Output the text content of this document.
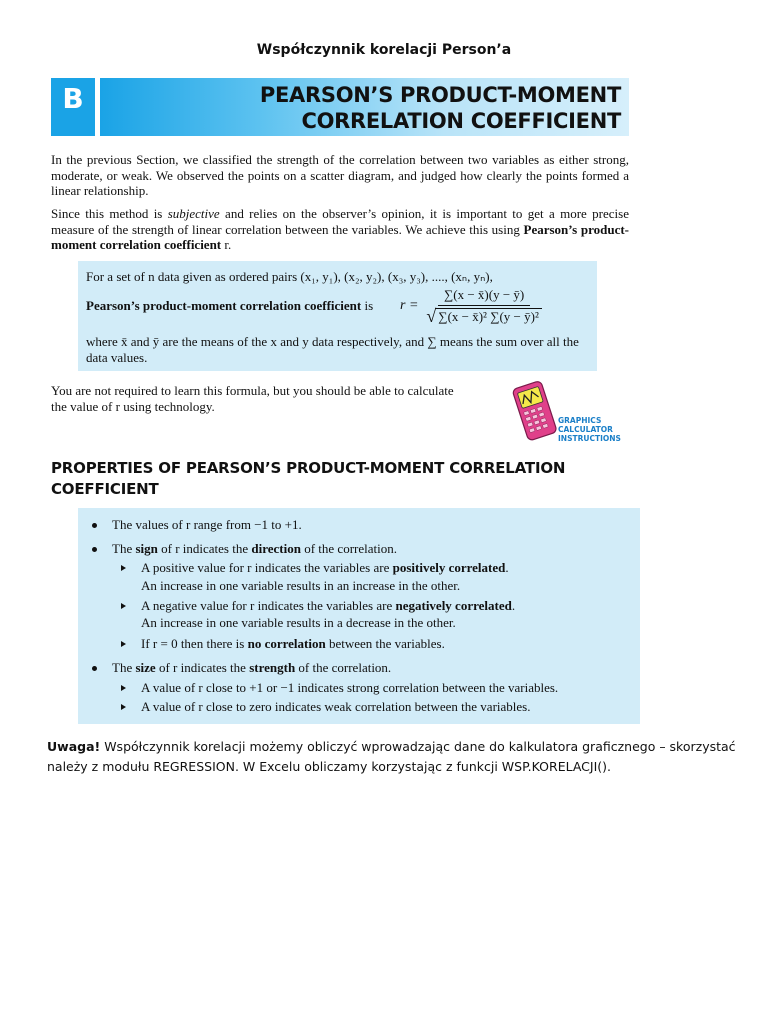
Współczynnik korelacji Person’a
B	PEARSON’S PRODUCT-MOMENT
CORRELATION COEFFICIENT
In the previous Section, we classified the strength of the correlation between two variables as either strong, moderate, or weak. We observed the points on a scatter diagram, and judged how clearly the points formed a linear relationship.
Since this method is subjective and relies on the observer’s opinion, it is important to get a more precise measure of the strength of linear correlation between the variables. We achieve this using Pearson’s product-moment correlation coefficient r.
For a set of n data given as ordered pairs (x₁, y₁), (x₂, y₂), (x₃, y₃), ...., (xₙ, yₙ),
Pearson’s product-moment correlation coefficient is $r = \frac{\sum(x - x̄)(y - ȳ)}{\text{√ ∑(x − x̄)² ∑(y − ȳ)²}}$
where x̄ and ȳ are the means of the x and y data respectively, and ∑ means the sum over all the data values.
You are not required to learn this formula, but you should be able to calculate
the value of r using technology.
GRAPHICS
CALCULATOR
INSTRUCTIONS
PROPERTIES OF PEARSON’S PRODUCT-MOMENT CORRELATION
COEFFICIENT
The values of r range from −1 to +1.
The sign of r indicates the direction of the correlation.
A positive value for r indicates the variables are positively correlated.
An increase in one variable results in an increase in the other.
A negative value for r indicates the variables are negatively correlated.
An increase in one variable results in a decrease in the other.
If r = 0 then there is no correlation between the variables.
The size of r indicates the strength of the correlation.
A value of r close to +1 or −1 indicates strong correlation between the variables.
A value of r close to zero indicates weak correlation between the variables.
Uwaga! Współczynnik korelacji możemy obliczyć wprowadzając dane do kalkulatora graficznego – skorzystać należy z modułu REGRESSION. W Excelu obliczamy korzystając z funkcji WSP.KORELACJI().
